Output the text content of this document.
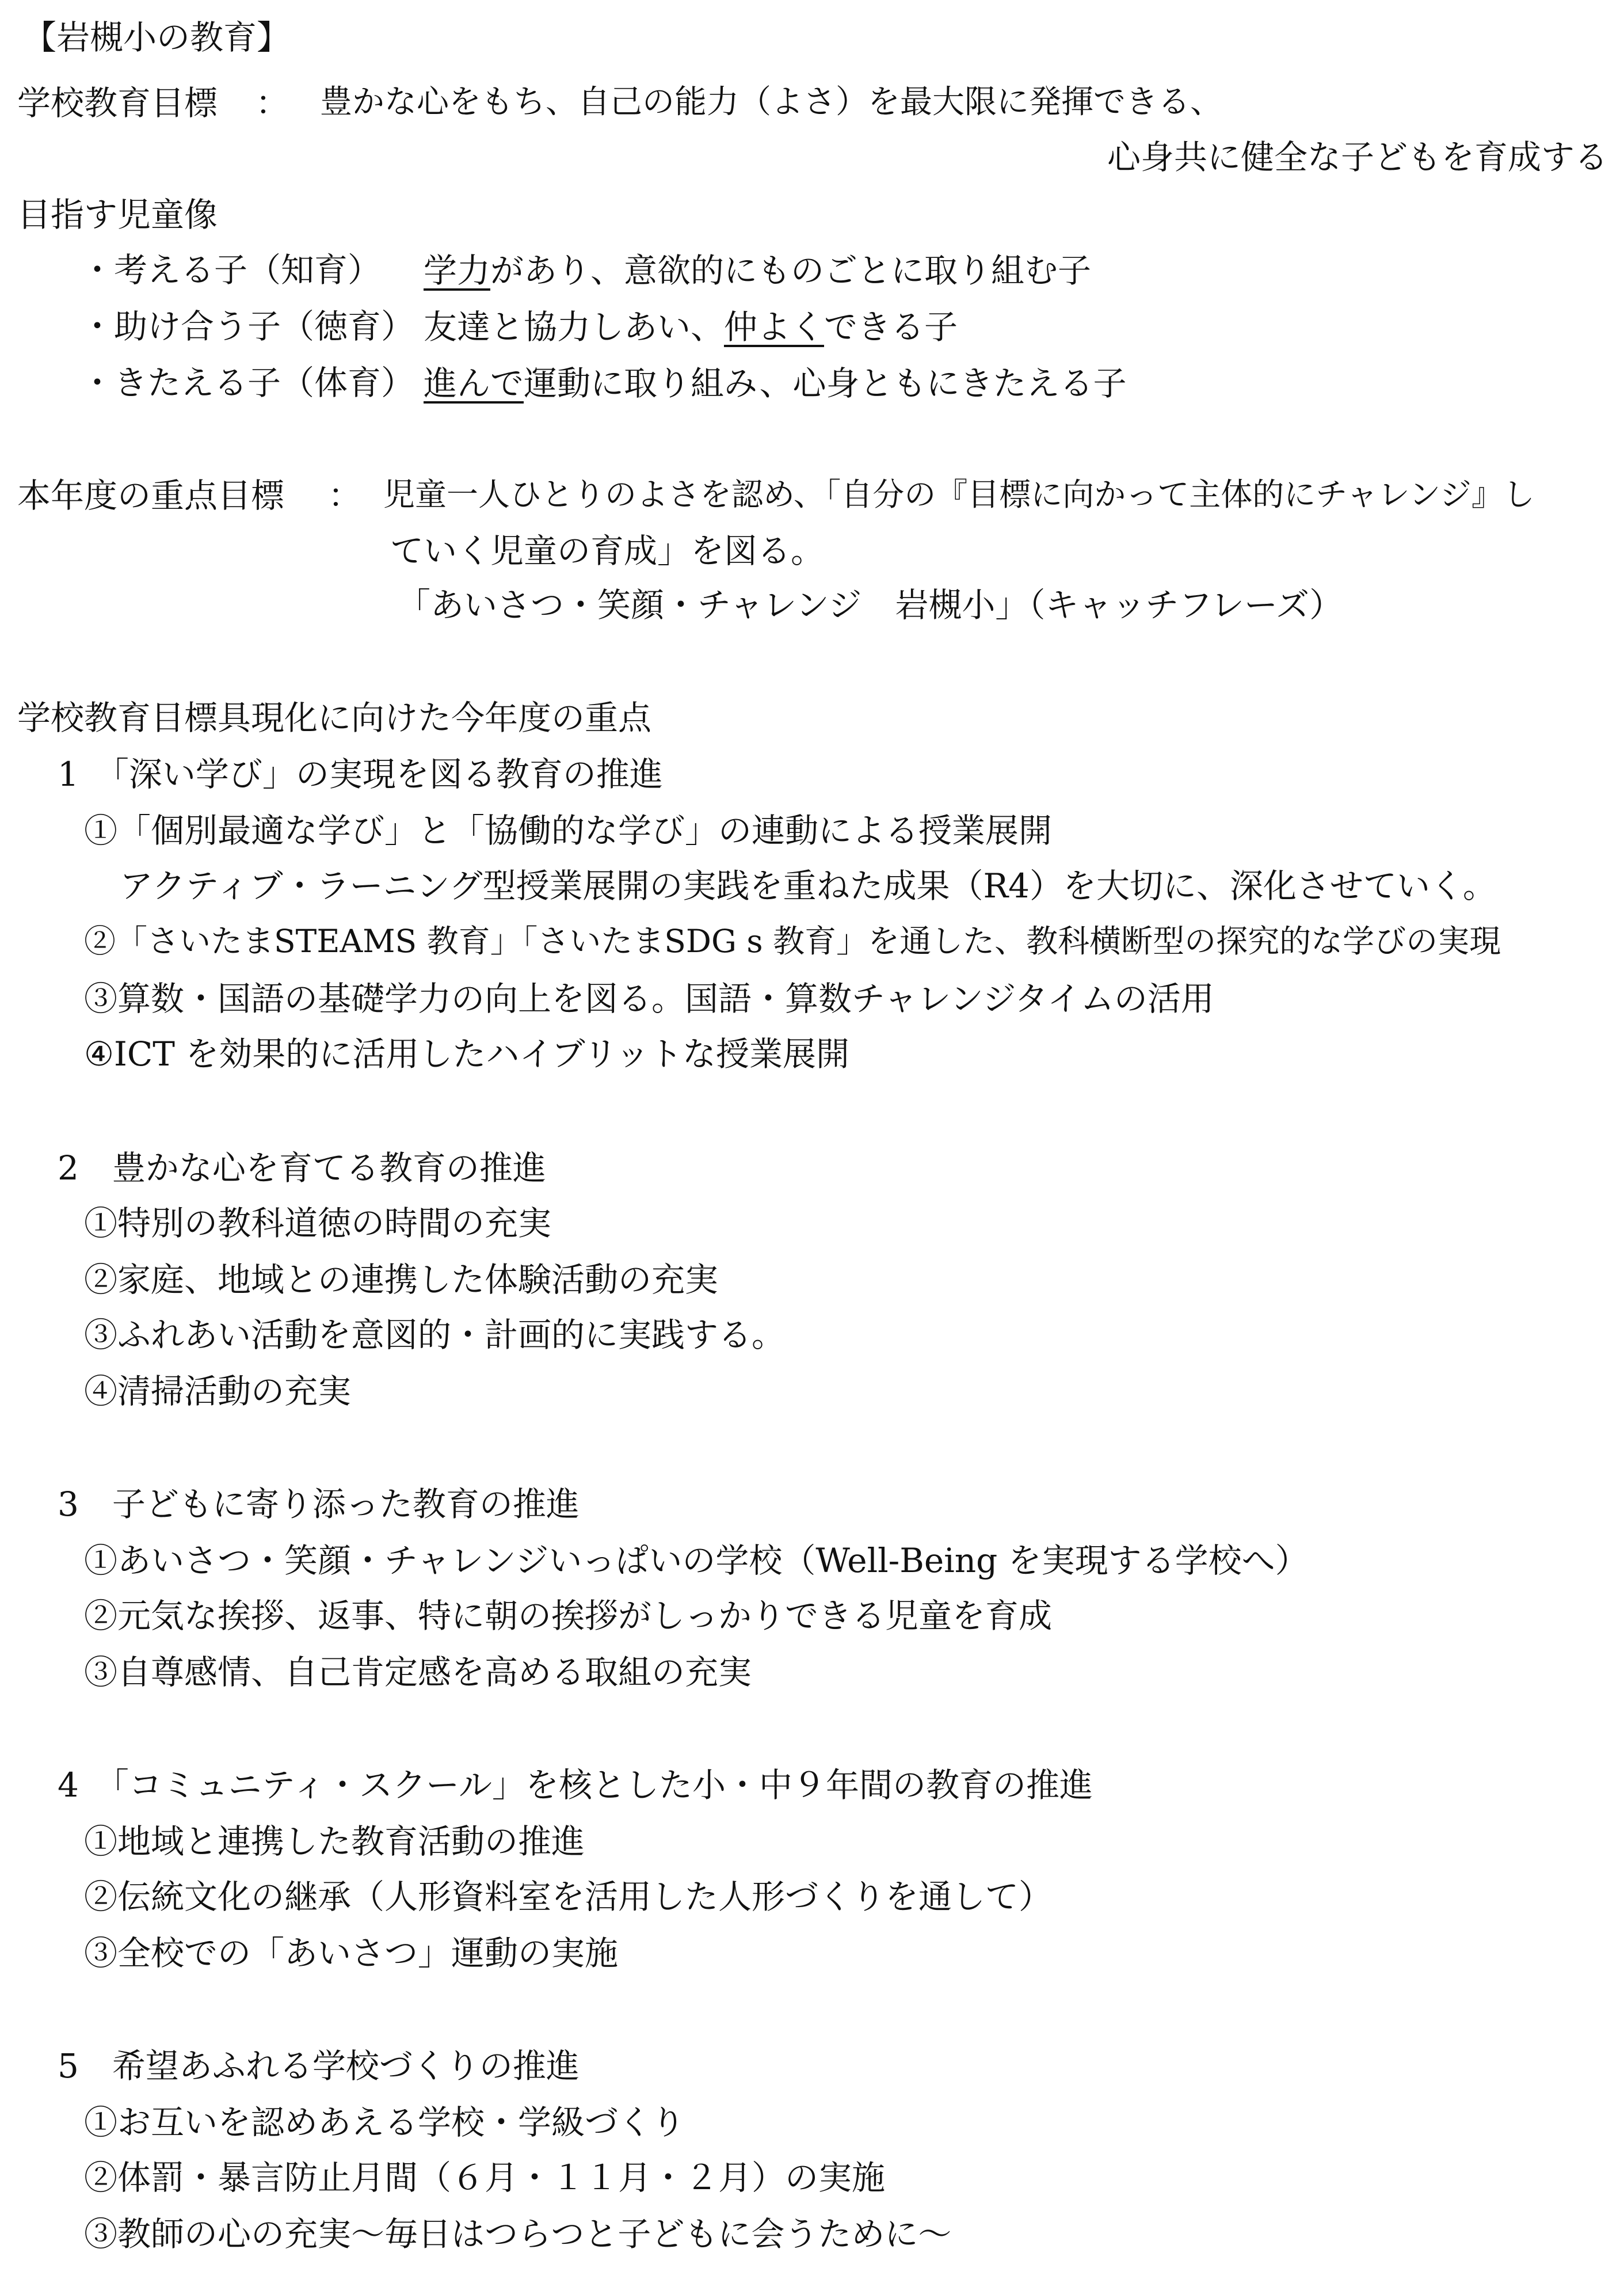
【岩槻小の教育】
学校教育目標 ： 豊かな心をもち、自己の能力（よさ）を最大限に発揮できる、
心身共に健全な子どもを育成する
目指す児童像
・考える子（知育） 学力があり、意欲的にものごとに取り組む子
・助け合う子（徳育） 友達と協力しあい、仲よくできる子
・きたえる子（体育） 進んで運動に取り組み、心身ともにきたえる子
本年度の重点目標 ： 児童一人ひとりのよさを認め、「自分の『目標に向かって主体的にチャレンジ』し
ていく児童の育成」を図る。
「あいさつ・笑顔・チャレンジ　岩槻小」（キャッチフレーズ）
学校教育目標具現化に向けた今年度の重点
1　「深い学び」の実現を図る教育の推進
①「個別最適な学び」と「協働的な学び」の連動による授業展開
アクティブ・ラーニング型授業展開の実践を重ねた成果（R4）を大切に、深化させていく。
②「さいたまSTEAMS 教育」「さいたまSDG s 教育」を通した、教科横断型の探究的な学びの実現
③算数・国語の基礎学力の向上を図る。国語・算数チャレンジタイムの活用
④ICT を効果的に活用したハイブリットな授業展開
2　豊かな心を育てる教育の推進
①特別の教科道徳の時間の充実
②家庭、地域との連携した体験活動の充実
③ふれあい活動を意図的・計画的に実践する。
④清掃活動の充実
3　子どもに寄り添った教育の推進
①あいさつ・笑顔・チャレンジいっぱいの学校（Well-Being を実現する学校へ）
②元気な挨拶、返事、特に朝の挨拶がしっかりできる児童を育成
③自尊感情、自己肯定感を高める取組の充実
4　「コミュニティ・スクール」を核とした小・中９年間の教育の推進
①地域と連携した教育活動の推進
②伝統文化の継承（人形資料室を活用した人形づくりを通して）
③全校での「あいさつ」運動の実施
5　希望あふれる学校づくりの推進
①お互いを認めあえる学校・学級づくり
②体罰・暴言防止月間（６月・１１月・２月）の実施
③教師の心の充実～毎日はつらつと子どもに会うために～
